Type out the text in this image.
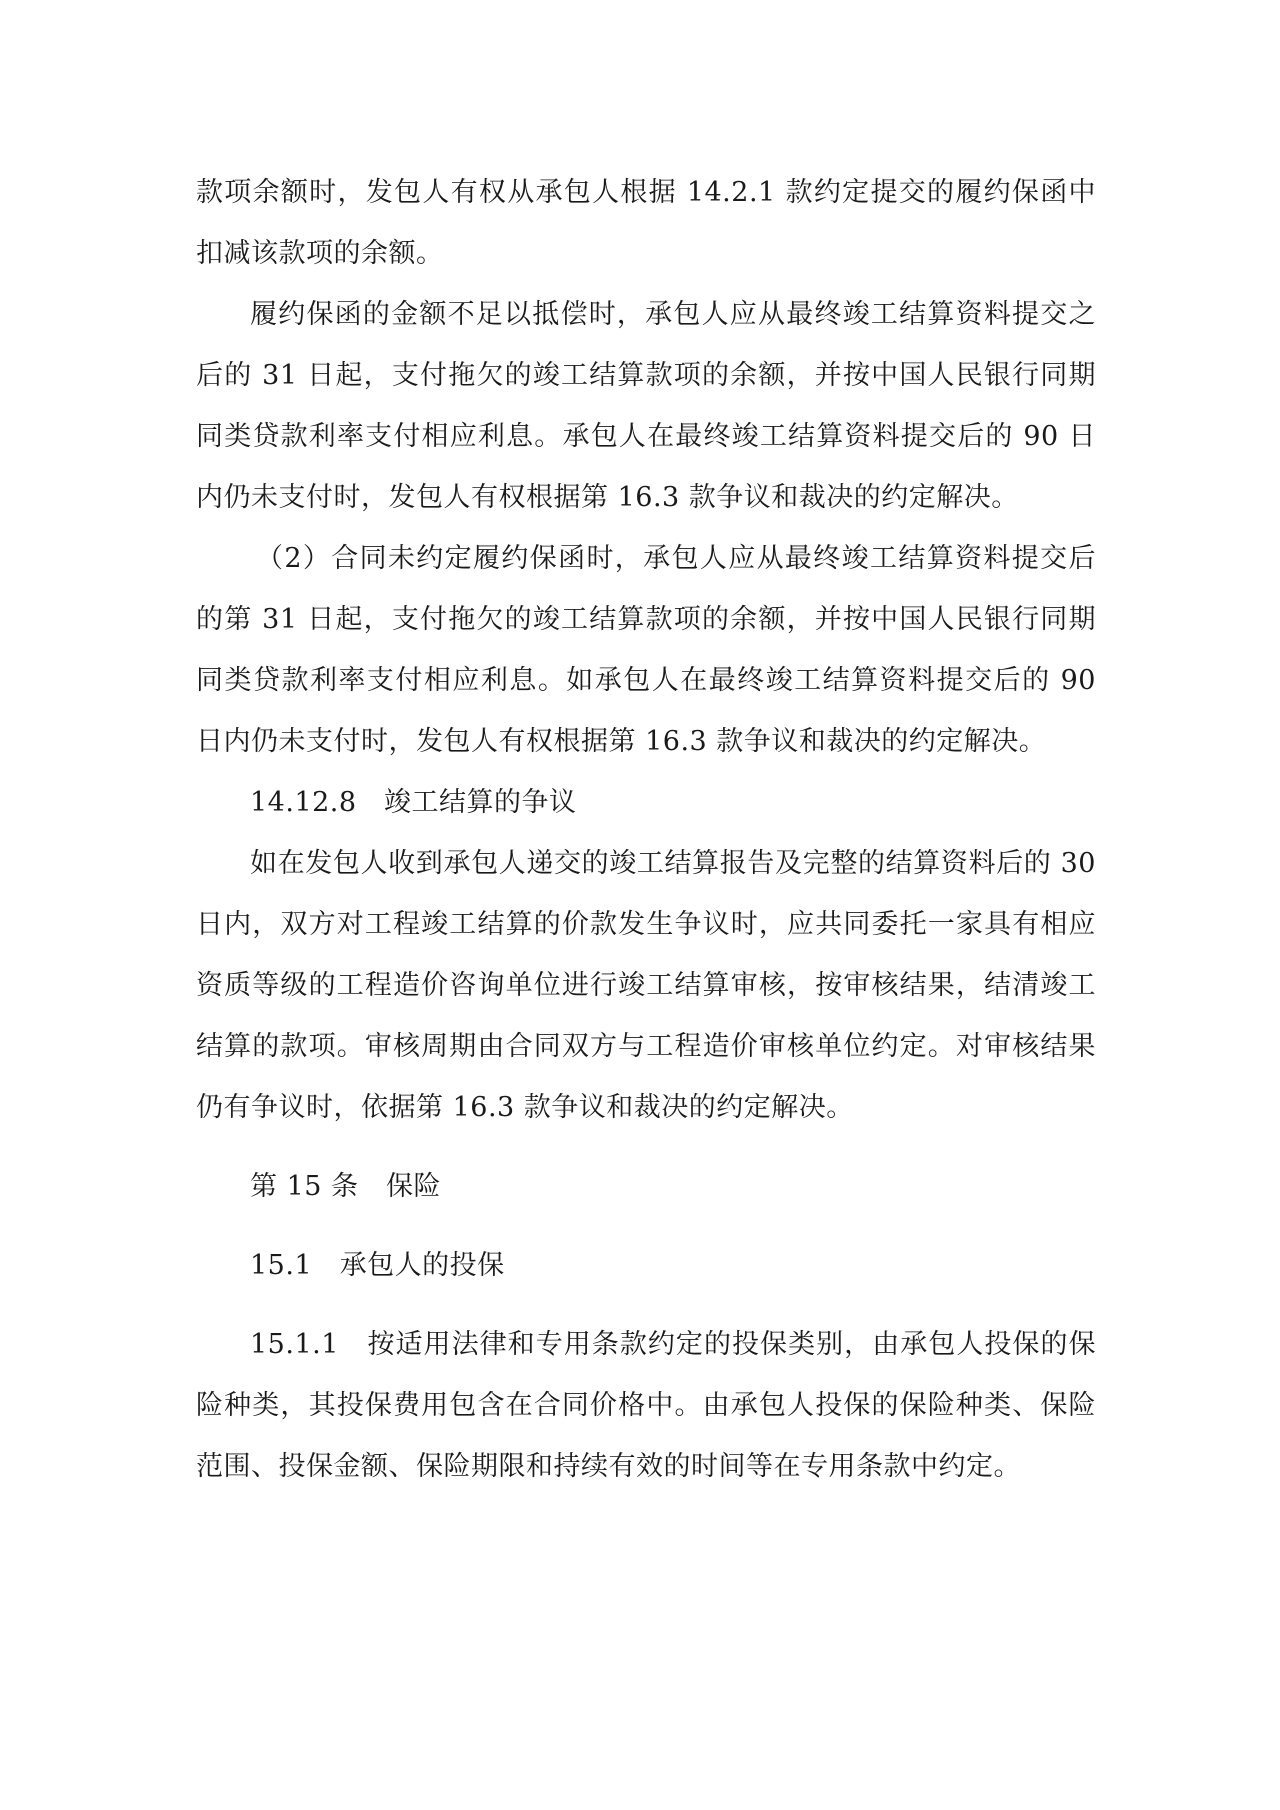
款项余额时，发包人有权从承包人根据 14.2.1 款约定提交的履约保函中扣减该款项的余额。

履约保函的金额不足以抵偿时，承包人应从最终竣工结算资料提交之后的 31 日起，支付拖欠的竣工结算款项的余额，并按中国人民银行同期同类贷款利率支付相应利息。承包人在最终竣工结算资料提交后的 90 日内仍未支付时，发包人有权根据第 16.3 款争议和裁决的约定解决。

（2）合同未约定履约保函时，承包人应从最终竣工结算资料提交后的第 31 日起，支付拖欠的竣工结算款项的余额，并按中国人民银行同期同类贷款利率支付相应利息。如承包人在最终竣工结算资料提交后的 90 日内仍未支付时，发包人有权根据第 16.3 款争议和裁决的约定解决。

14.12.8　竣工结算的争议

如在发包人收到承包人递交的竣工结算报告及完整的结算资料后的 30 日内，双方对工程竣工结算的价款发生争议时，应共同委托一家具有相应资质等级的工程造价咨询单位进行竣工结算审核，按审核结果，结清竣工结算的款项。审核周期由合同双方与工程造价审核单位约定。对审核结果仍有争议时，依据第 16.3 款争议和裁决的约定解决。

第 15 条　保险

15.1　承包人的投保

15.1.1　按适用法律和专用条款约定的投保类别，由承包人投保的保险种类，其投保费用包含在合同价格中。由承包人投保的保险种类、保险范围、投保金额、保险期限和持续有效的时间等在专用条款中约定。
